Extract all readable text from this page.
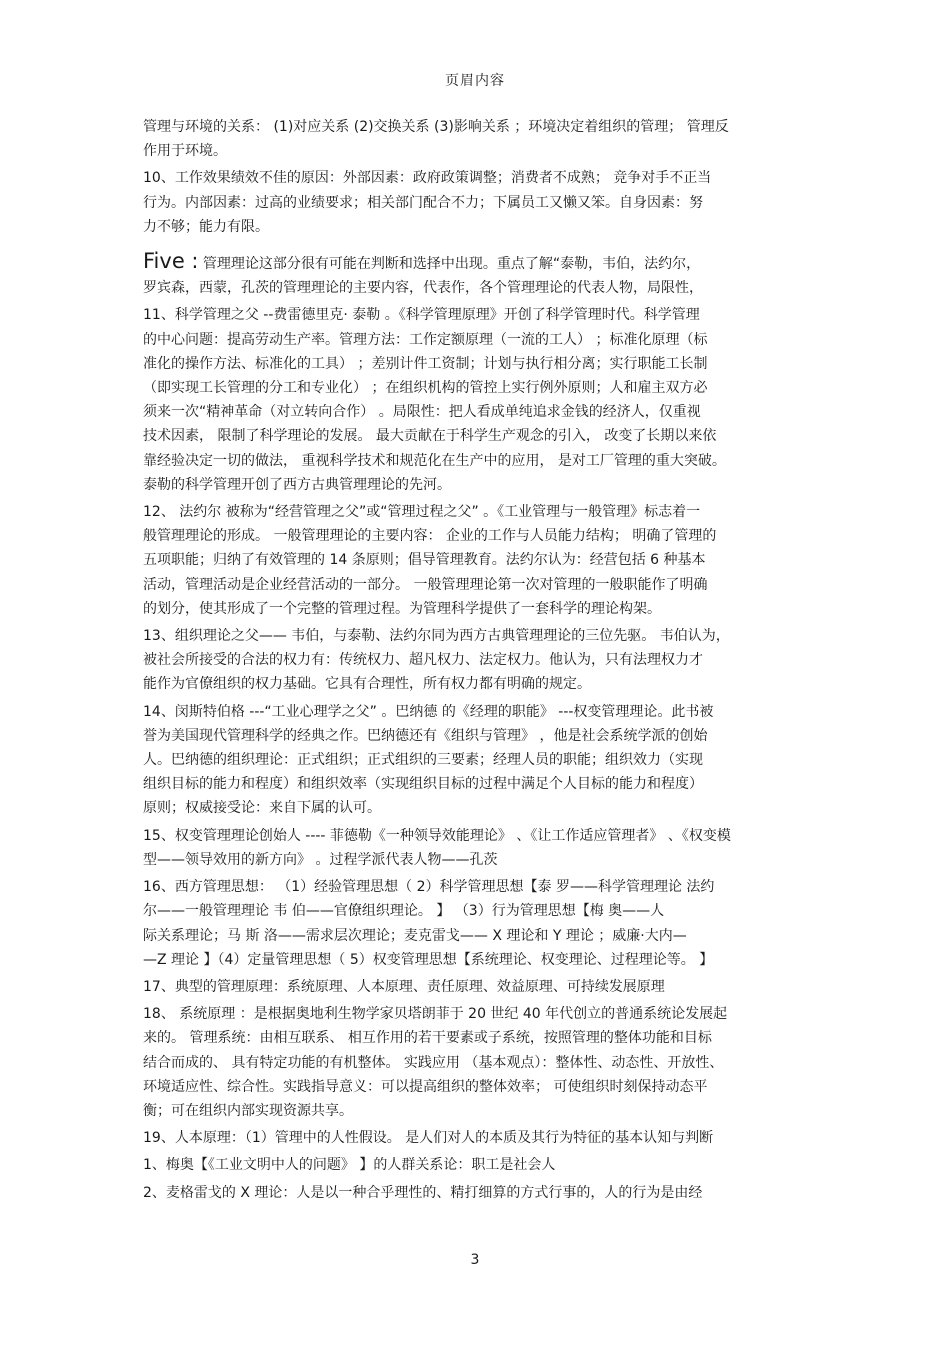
页眉内容
管理与环境的关系： (1)对应关系 (2)交换关系 (3)影响关系 ；环境决定着组织的管理； 管理反
作用于环境。
10、工作效果绩效不佳的原因：外部因素：政府政策调整；消费者不成熟； 竞争对手不正当
行为。内部因素：过高的业绩要求；相关部门配合不力；下属员工又懒又笨。自身因素：努
力不够；能力有限。
Five : 管理理论这部分很有可能在判断和选择中出现。重点了解“泰勒，韦伯，法约尔，
罗宾森，西蒙，孔茨的管理理论的主要内容，代表作，各个管理理论的代表人物，局限性，
11、科学管理之父 --费雷德里克· 泰勒 。《科学管理原理》开创了科学管理时代。科学管理
的中心问题：提高劳动生产率。管理方法：工作定额原理（一流的工人） ；标准化原理（标
准化的操作方法、标准化的工具） ；差别计件工资制；计划与执行相分离；实行职能工长制
（即实现工长管理的分工和专业化） ；在组织机构的管控上实行例外原则；人和雇主双方必
须来一次“精神革命（对立转向合作） 。局限性：把人看成单纯追求金钱的经济人，仅重视
技术因素， 限制了科学理论的发展。 最大贡献在于科学生产观念的引入， 改变了长期以来依
靠经验决定一切的做法， 重视科学技术和规范化在生产中的应用， 是对工厂管理的重大突破。
泰勒的科学管理开创了西方古典管理理论的先河。
12、 法约尔 被称为“经营管理之父”或“管理过程之父” 。《工业管理与一般管理》标志着一
般管理理论的形成。 一般管理理论的主要内容： 企业的工作与人员能力结构； 明确了管理的
五项职能；归纳了有效管理的 14 条原则；倡导管理教育。法约尔认为：经营包括 6 种基本
活动，管理活动是企业经营活动的一部分。 一般管理理论第一次对管理的一般职能作了明确
的划分，使其形成了一个完整的管理过程。为管理科学提供了一套科学的理论构架。
13、组织理论之父—— 韦伯，与泰勒、法约尔同为西方古典管理理论的三位先驱。 韦伯认为，
被社会所接受的合法的权力有：传统权力、超凡权力、法定权力。他认为，只有法理权力才
能作为官僚组织的权力基础。它具有合理性，所有权力都有明确的规定。
14、闵斯特伯格 ---“工业心理学之父” 。巴纳德 的《经理的职能》 ---权变管理理论。此书被
誉为美国现代管理科学的经典之作。巴纳德还有《组织与管理》 ，他是社会系统学派的创始
人。巴纳德的组织理论：正式组织；正式组织的三要素；经理人员的职能；组织效力（实现
组织目标的能力和程度）和组织效率（实现组织目标的过程中满足个人目标的能力和程度）
原则；权威接受论：来自下属的认可。
15、权变管理理论创始人 ---- 菲德勒《一种领导效能理论》 、《让工作适应管理者》 、《权变模
型——领导效用的新方向》 。过程学派代表人物——孔茨
16、西方管理思想： （1）经验管理思想（ 2）科学管理思想【泰 罗——科学管理理论 法约
尔——一般管理理论 韦 伯——官僚组织理论。 】 （3）行为管理思想【梅 奥——人
际关系理论；马 斯 洛——需求层次理论；麦克雷戈—— X 理论和 Y 理论 ；威廉·大内—
—Z 理论 】（4）定量管理思想（ 5）权变管理思想【系统理论、权变理论、过程理论等。 】
17、典型的管理原理：系统原理、人本原理、责任原理、效益原理、可持续发展原理
18、 系统原理 ：是根据奥地利生物学家贝塔朗菲于 20 世纪 40 年代创立的普通系统论发展起
来的。 管理系统：由相互联系、 相互作用的若干要素或子系统，按照管理的整体功能和目标
结合而成的、 具有特定功能的有机整体。 实践应用 （基本观点）：整体性、动态性、开放性、
环境适应性、综合性。实践指导意义：可以提高组织的整体效率； 可使组织时刻保持动态平
衡；可在组织内部实现资源共享。
19、人本原理：（1）管理中的人性假设。 是人们对人的本质及其行为特征的基本认知与判断
1、梅奥【《工业文明中人的问题》 】的人群关系论：职工是社会人
2、麦格雷戈的 X 理论：人是以一种合乎理性的、精打细算的方式行事的，人的行为是由经
3
